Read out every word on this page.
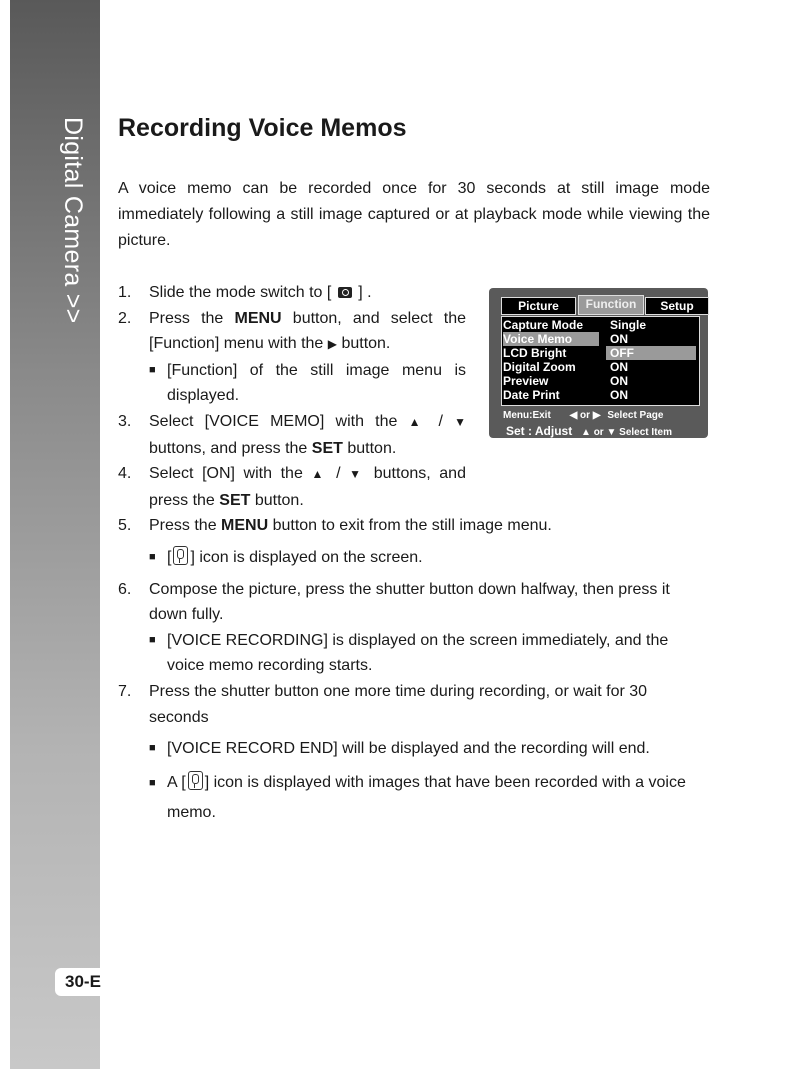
Digital Camera >>
30-E
Recording Voice Memos

A voice memo can be recorded once for 30 seconds at still image mode immediately following a still image captured or at playback mode while viewing the picture.

1. Slide the mode switch to [ ] .
2. Press the MENU button, and select the [Function] menu with the ▶ button.
■ [Function] of the still image menu is displayed.
3. Select [VOICE MEMO] with the ▲ / ▼ buttons, and press the SET button.
4. Select [ON] with the ▲ / ▼ buttons, and press the SET button.
5. Press the MENU button to exit from the still image menu.
■ [ ] icon is displayed on the screen.
6. Compose the picture, press the shutter button down halfway, then press it down fully.
■ [VOICE RECORDING] is displayed on the screen immediately, and the voice memo recording starts.
7. Press the shutter button one more time during recording, or wait for 30 seconds
■ [VOICE RECORD END] will be displayed and the recording will end.
■ A [ ] icon is displayed with images that have been recorded with a voice memo.
Picture	Function	Setup
Capture Mode	Single
Voice Memo	ON
LCD Bright	OFF
Digital Zoom	ON
Preview	ON
Date Print	ON
Menu:Exit ◀ or ▶ Select Page
Set : Adjust ▲ or ▼ Select Item
